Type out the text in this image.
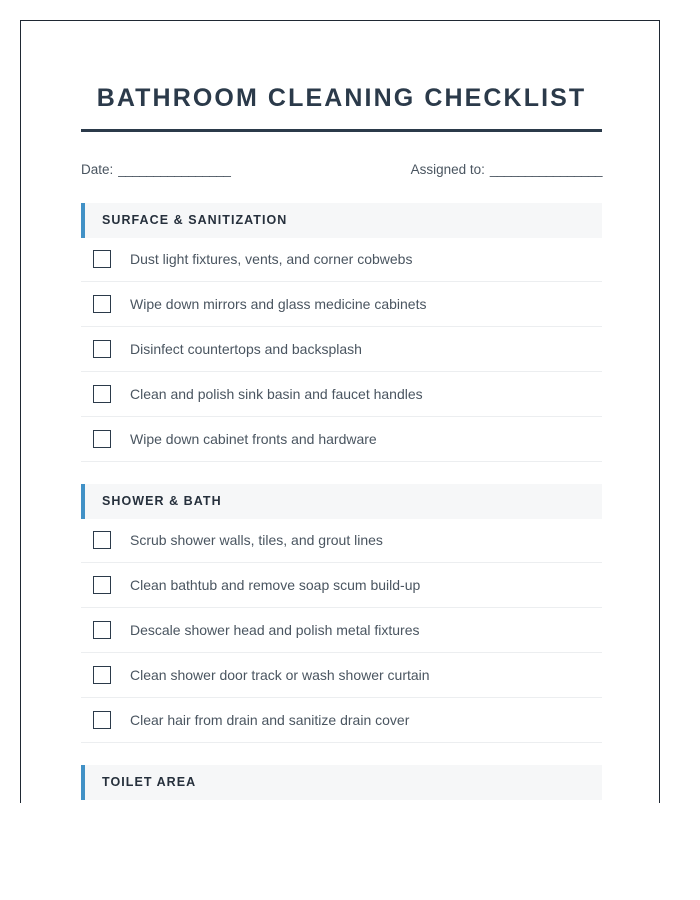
BATHROOM CLEANING CHECKLIST
Date: ________________	Assigned to: ________________
SURFACE & SANITIZATION
Dust light fixtures, vents, and corner cobwebs
Wipe down mirrors and glass medicine cabinets
Disinfect countertops and backsplash
Clean and polish sink basin and faucet handles
Wipe down cabinet fronts and hardware
SHOWER & BATH
Scrub shower walls, tiles, and grout lines
Clean bathtub and remove soap scum build-up
Descale shower head and polish metal fixtures
Clean shower door track or wash shower curtain
Clear hair from drain and sanitize drain cover
TOILET AREA
